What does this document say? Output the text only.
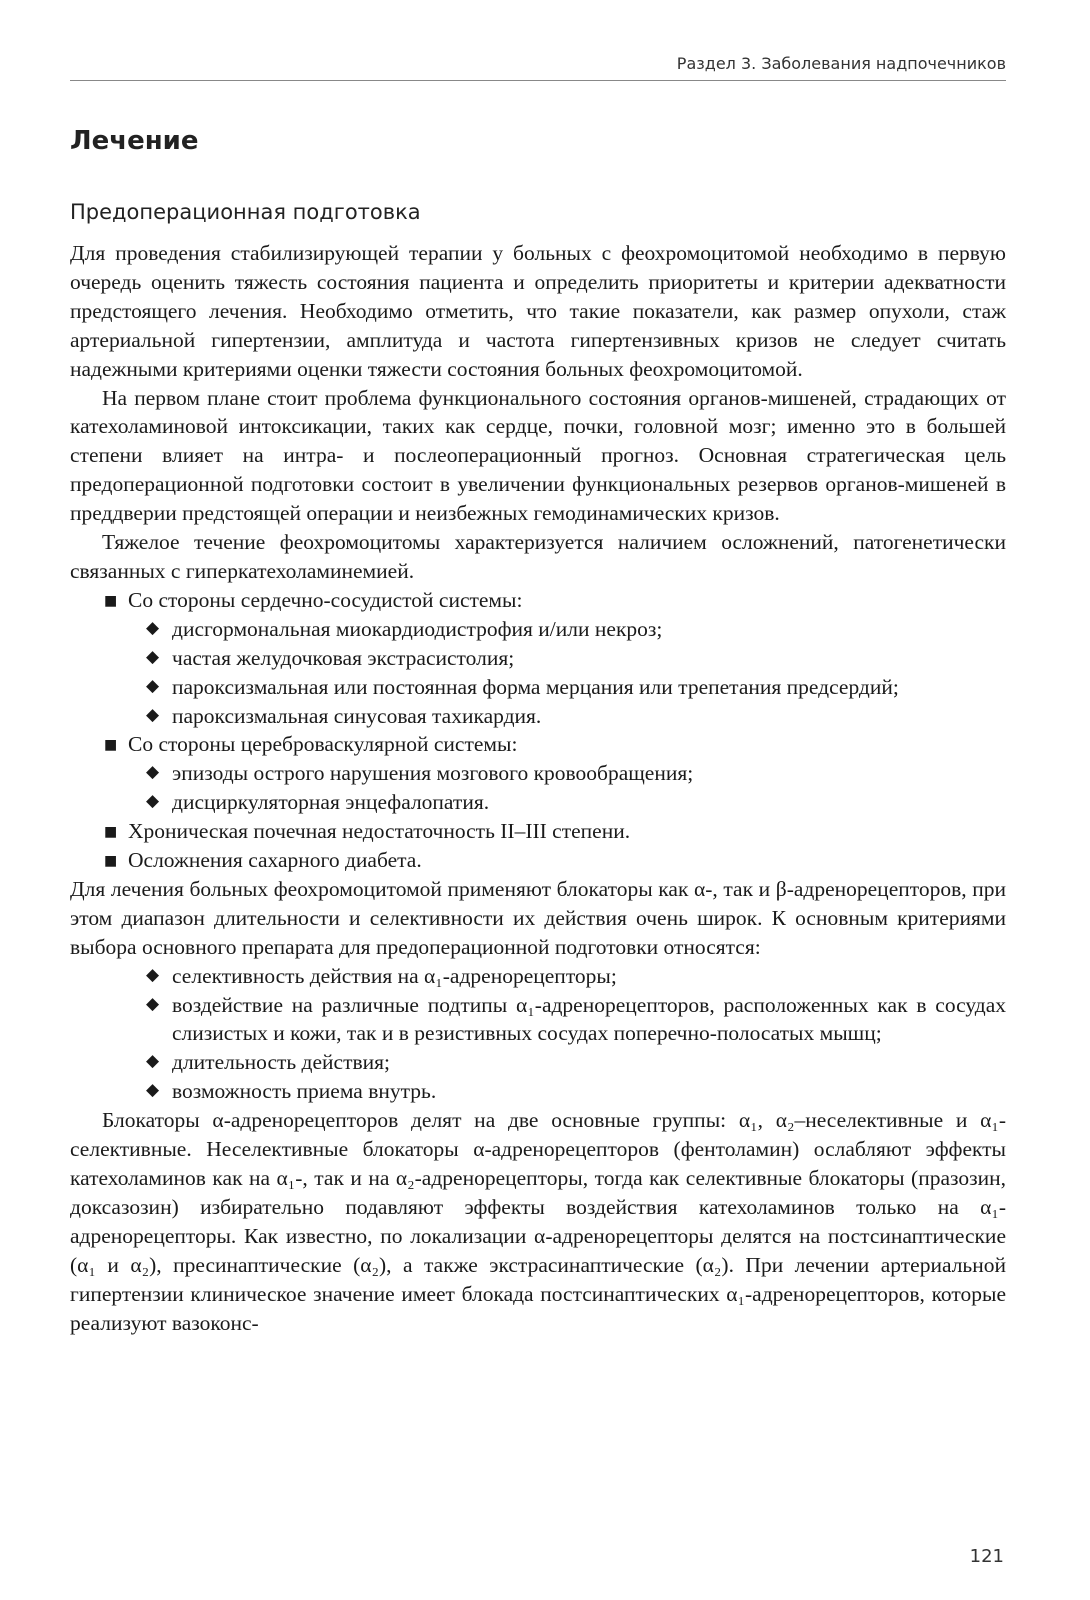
Раздел 3. Заболевания надпочечников
Лечение
Предоперационная подготовка

Для проведения стабилизирующей терапии у больных с феохромоцитомой необходимо в первую очередь оценить тяжесть состояния пациента и определить приоритеты и критерии адекватности предстоящего лечения. Необходимо отметить, что такие показатели, как размер опухоли, стаж артериальной гипертензии, амплитуда и частота гипертензивных кризов не следует считать надежными критериями оценки тяжести состояния больных феохромоцитомой.

На первом плане стоит проблема функционального состояния органов-мишеней, страдающих от катехоламиновой интоксикации, таких как сердце, почки, головной мозг; именно это в большей степени влияет на интра- и послеоперационный прогноз. Основная стратегическая цель предоперационной подготовки состоит в увеличении функциональных резервов органов-мишеней в преддверии предстоящей операции и неизбежных гемодинамических кризов.

Тяжелое течение феохромоцитомы характеризуется наличием осложнений, патогенетически связанных с гиперкатехоламинемией.

■ Со стороны сердечно-сосудистой системы:
◆ дисгормональная миокардиодистрофия и/или некроз;
◆ частая желудочковая экстрасистолия;
◆ пароксизмальная или постоянная форма мерцания или трепетания предсердий;
◆ пароксизмальная синусовая тахикардия.
■ Со стороны цереброваскулярной системы:
◆ эпизоды острого нарушения мозгового кровообращения;
◆ дисциркуляторная энцефалопатия.
■ Хроническая почечная недостаточность II–III степени.
■ Осложнения сахарного диабета.

Для лечения больных феохромоцитомой применяют блокаторы как α-, так и β-адренорецепторов, при этом диапазон длительности и селективности их действия очень широк. К основным критериями выбора основного препарата для предоперационной подготовки относятся:

◆ селективность действия на α₁-адренорецепторы;
◆ воздействие на различные подтипы α₁-адренорецепторов, расположенных как в сосудах слизистых и кожи, так и в резистивных сосудах поперечно-полосатых мышц;
◆ длительность действия;
◆ возможность приема внутрь.

Блокаторы α-адренорецепторов делят на две основные группы: α₁, α₂–неселективные и α₁-селективные. Неселективные блокаторы α-адренорецепторов (фентоламин) ослабляют эффекты катехоламинов как на α₁-, так и на α₂-адренорецепторы, тогда как селективные блокаторы (празозин, доксазозин) избирательно подавляют эффекты воздействия катехоламинов только на α₁-адренорецепторы. Как известно, по локализации α-адренорецепторы делятся на постсинаптические (α₁ и α₂), пресинаптические (α₂), а также экстрасинаптические (α₂). При лечении артериальной гипертензии клиническое значение имеет блокада постсинаптических α₁-адренорецепторов, которые реализуют вазоконс-

121
